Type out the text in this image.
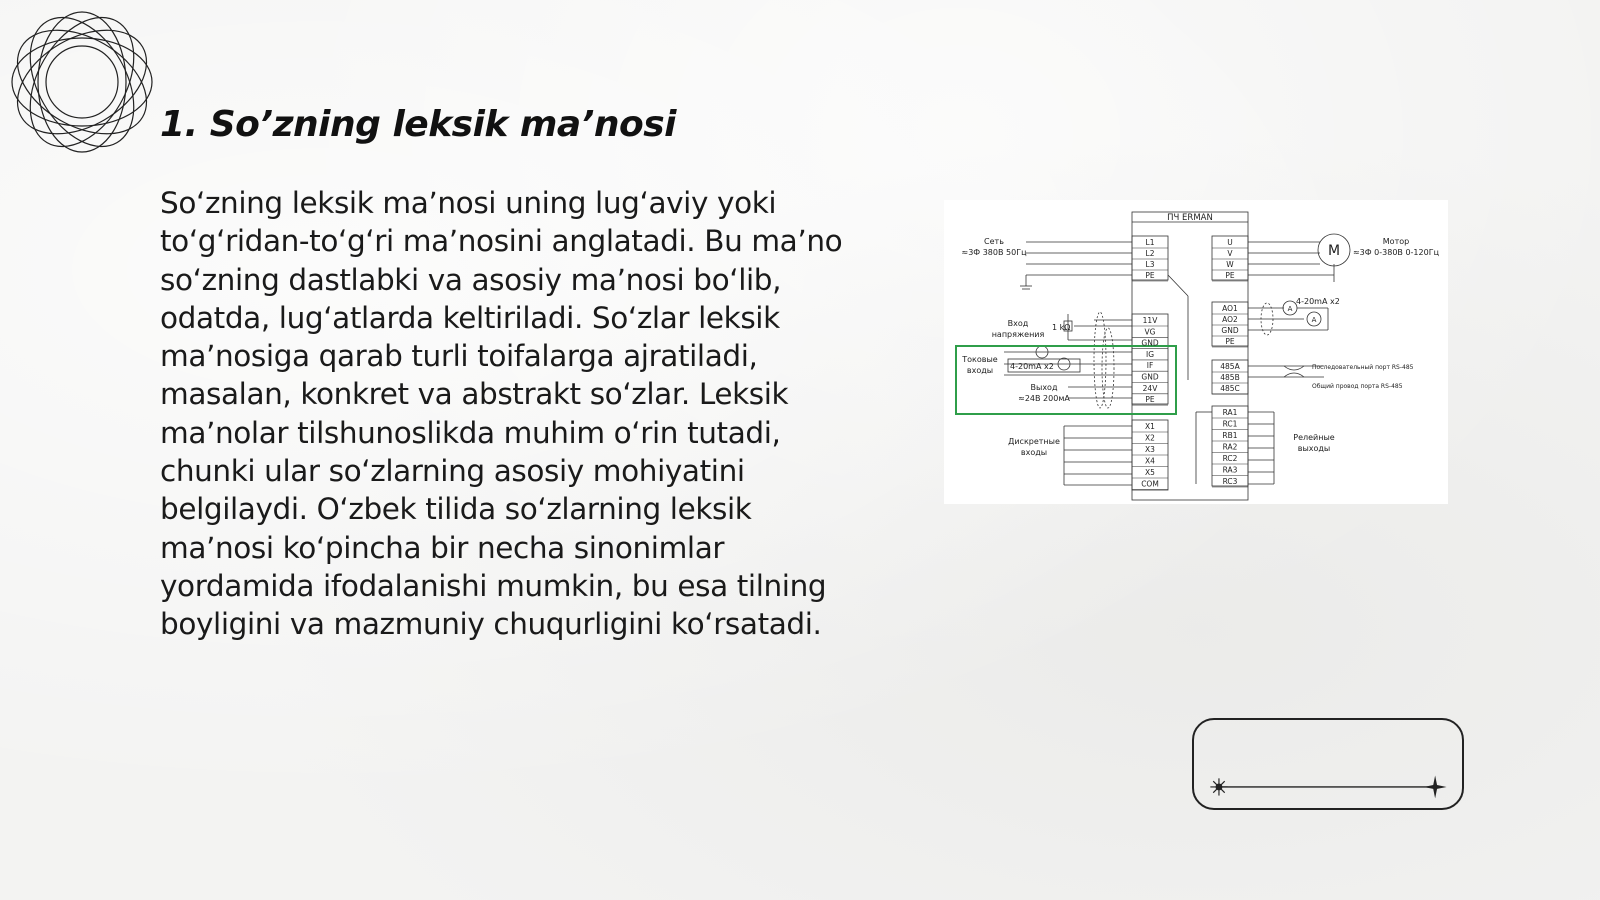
1. So’zning leksik ma’nosi
So‘zning leksik ma’nosi uning lug‘aviy yoki to‘g‘ridan-to‘g‘ri ma’nosini anglatadi. Bu ma’no so‘zning dastlabki va asosiy ma’nosi bo‘lib, odatda, lug‘atlarda keltiriladi. So‘zlar leksik ma’nosiga qarab turli toifalarga ajratiladi, masalan, konkret va abstrakt so‘zlar. Leksik ma’nolar tilshunoslikda muhim o‘rin tutadi, chunki ular so‘zlarning asosiy mohiyatini belgilaydi. O‘zbek tilida so‘zlarning leksik ma’nosi ko‘pincha bir necha sinonimlar yordamida ifodalanishi mumkin, bu esa tilning boyligini va mazmuniy chuqurligini ko‘rsatadi.
ПЧ ERMAN
Сеть
≈3Ф 380В 50Гц
Мотор
≈3Ф 0-380В 0-120Гц
M
Вход
напряжения
1 kΩ
Токовые
входы 4-20mA x2
Выход
≈24В 200мА
4-20mA x2
A
A
Последовательный порт RS-485
Общий провод порта RS-485
Дискретные
входы
Релейные
выходы
L1
L2
L3
PE
U
V
W
PE
11V
VG
GND
IG
IF
GND
24V
PE
AO1
AO2
GND
PE
485A
485B
485C
X1
X2
X3
X4
X5
COM
RA1
RC1
RB1
RA2
RC2
RA3
RC3
